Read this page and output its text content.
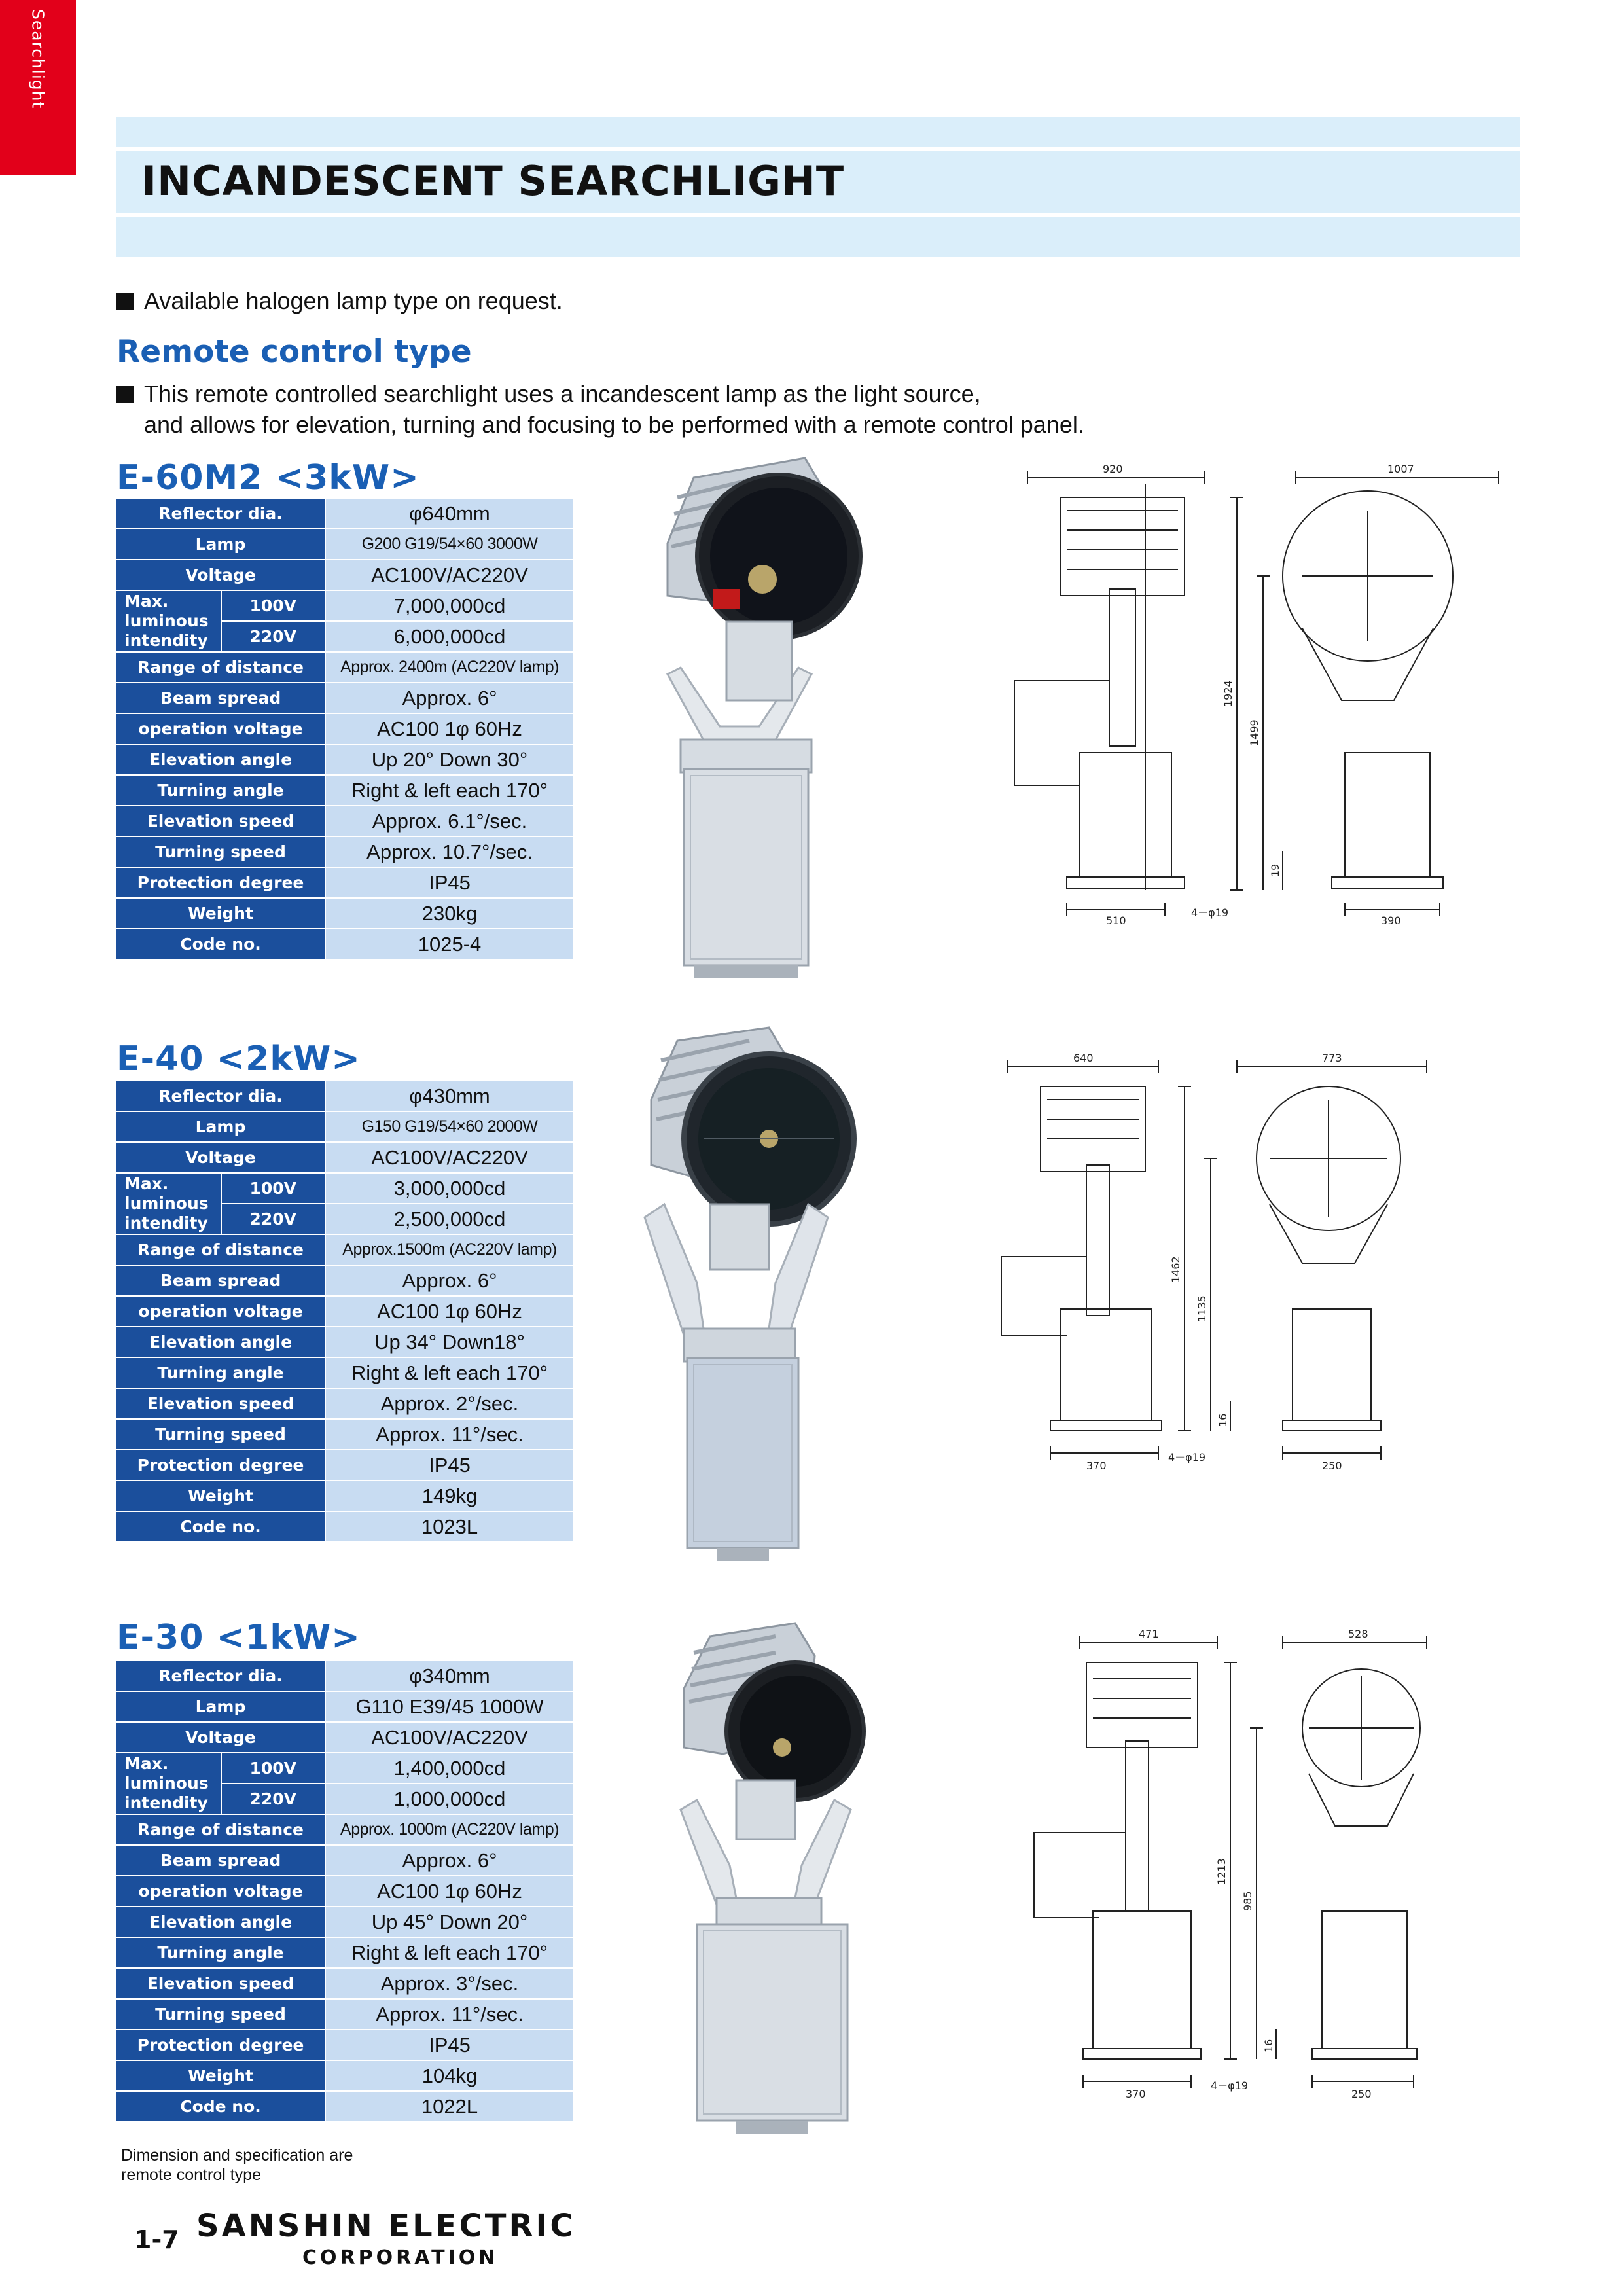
Searchlight
INCANDESCENT SEARCHLIGHT
Available halogen lamp type on request.
Remote control type
This remote controlled searchlight uses a incandescent lamp as the light source,
and allows for elevation, turning and focusing to be performed with a remote control panel.
E-60M2 <3kW>
E-40 <2kW>
E-30 <1kW>
Reflector dia.		φ640mm
Lamp		G200 G19/54×60 3000W
Voltage		AC100V/AC220V
Max. luminous intendity	100V	7,000,000cd
	220V	6,000,000cd
Range of distance		Approx. 2400m (AC220V lamp)
Beam spread		Approx. 6°
operation voltage		AC100 1φ 60Hz
Elevation angle		Up 20° Down 30°
Turning angle		Right & left each 170°
Elevation speed		Approx. 6.1°/sec.
Turning speed		Approx. 10.7°/sec.
Protection degree		IP45
Weight		230kg
Code no.		1025-4
Reflector dia.		φ430mm
Lamp		G150 G19/54×60 2000W
Voltage		AC100V/AC220V
Max. luminous intendity	100V	3,000,000cd
	220V	2,500,000cd
Range of distance		Approx.1500m (AC220V lamp)
Beam spread		Approx. 6°
operation voltage		AC100 1φ 60Hz
Elevation angle		Up 34° Down18°
Turning angle		Right & left each 170°
Elevation speed		Approx. 2°/sec.
Turning speed		Approx. 11°/sec.
Protection degree		IP45
Weight		149kg
Code no.		1023L
Reflector dia.		φ340mm
Lamp		G110 E39/45 1000W
Voltage		AC100V/AC220V
Max. luminous intendity	100V	1,400,000cd
	220V	1,000,000cd
Range of distance		Approx. 1000m (AC220V lamp)
Beam spread		Approx. 6°
operation voltage		AC100 1φ 60Hz
Elevation angle		Up 45° Down 20°
Turning angle		Right & left each 170°
Elevation speed		Approx. 3°/sec.
Turning speed		Approx. 11°/sec.
Protection degree		IP45
Weight		104kg
Code no.		1022L
920	1007
510
4－φ19
390
1924
1499
19
640	773
370
4－φ19
250
1462
1135
16
471	528
370
4－φ19
250
1213
985
16
Dimension and specification are
remote control type
1-7 SANSHIN ELECTRIC
CORPORATION
